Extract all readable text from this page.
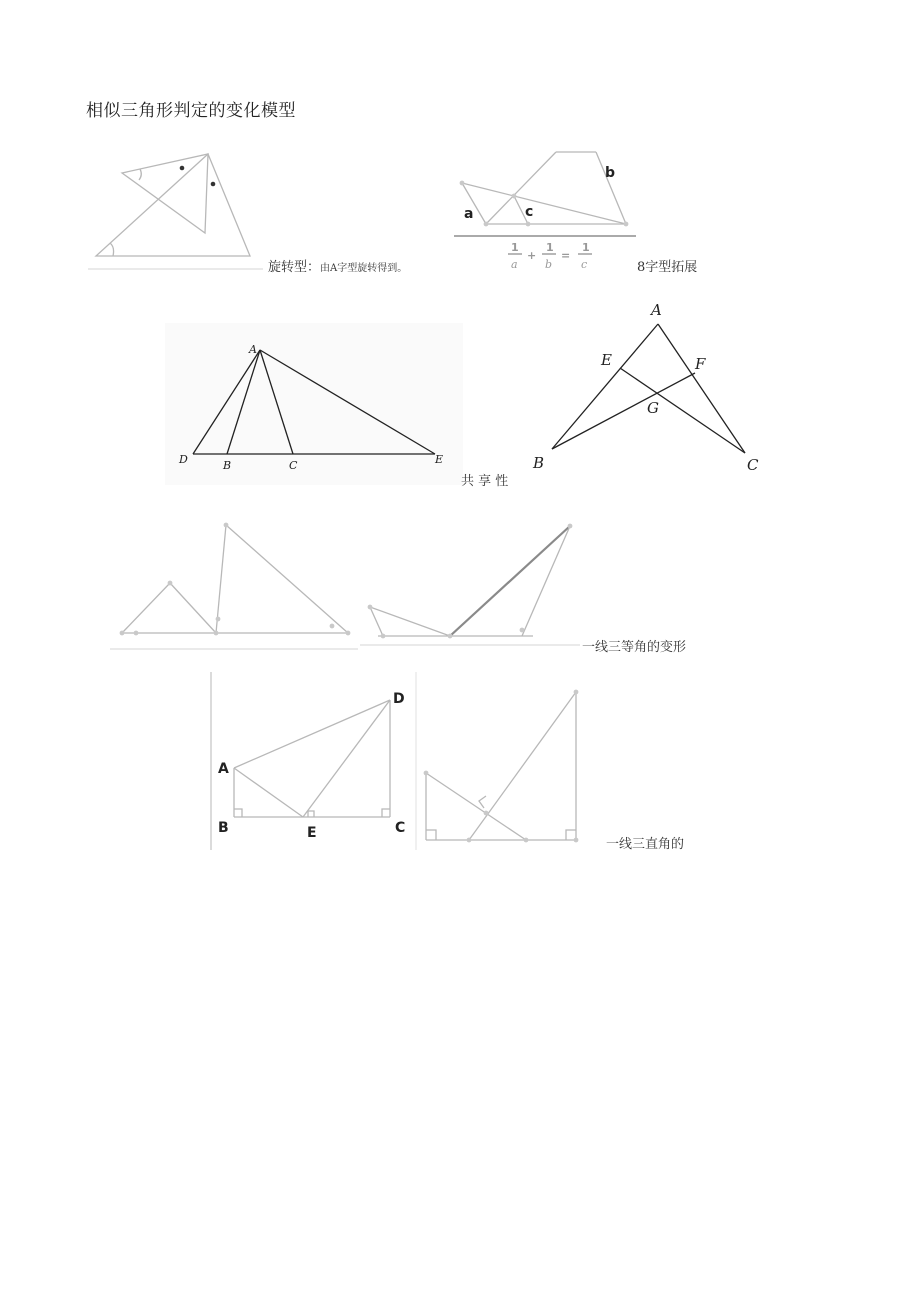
相似三角形判定的变化模型
旋转型：由A字型旋转得到。
a
b
c
1
a
+
1
b
=
1
c	8字型拓展
A
D	B	C	E
共 享 性
A
B	C
E	F
G
一线三等角的变形
A
B	C
D
E
一线三直角的
